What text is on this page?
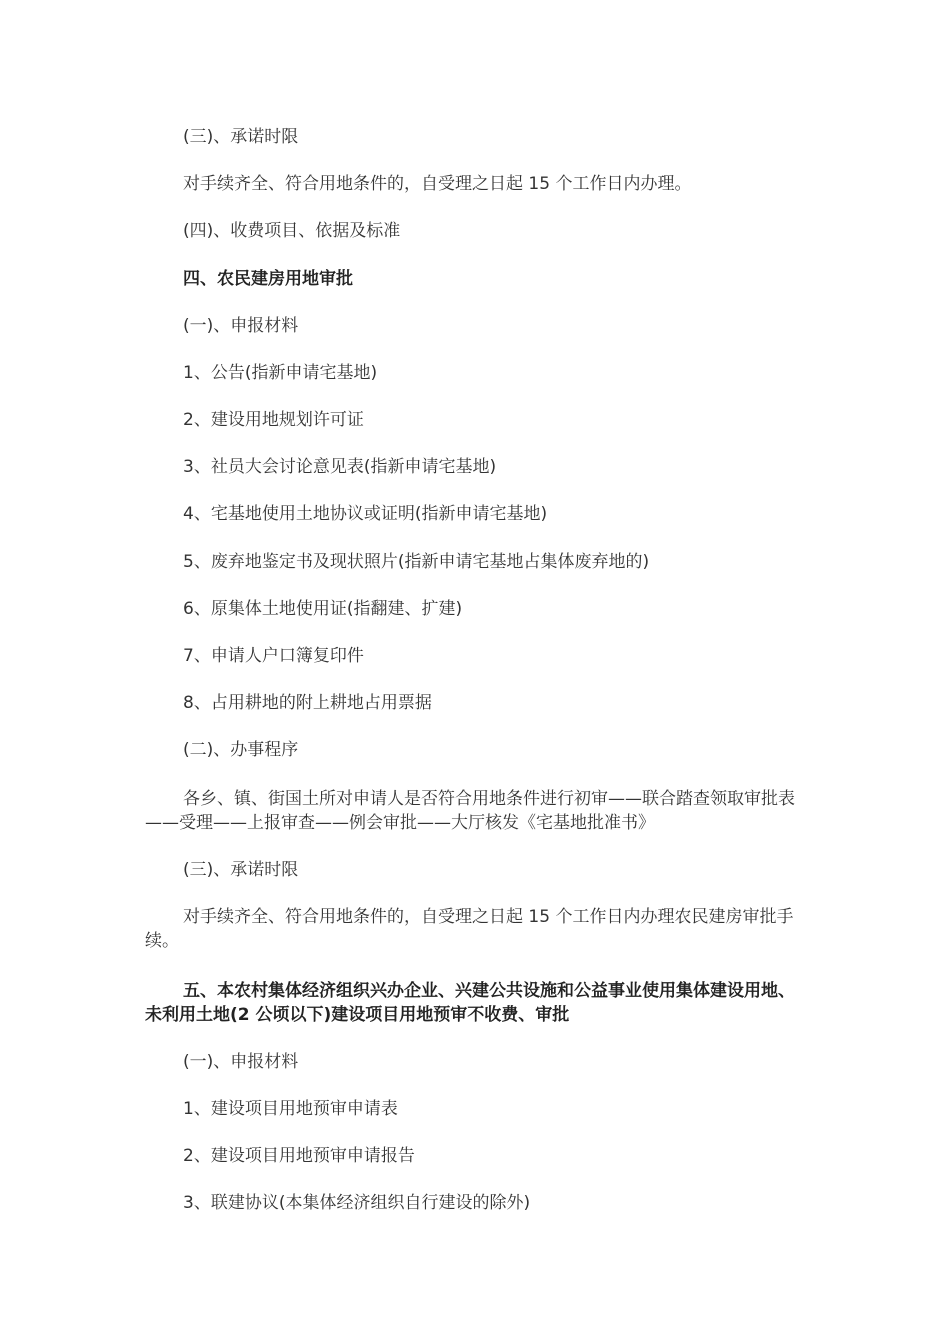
(三)、承诺时限

对手续齐全、符合用地条件的，自受理之日起 15 个工作日内办理。

(四)、收费项目、依据及标准

四、农民建房用地审批

(一)、申报材料

1、公告(指新申请宅基地)

2、建设用地规划许可证

3、社员大会讨论意见表(指新申请宅基地)

4、宅基地使用土地协议或证明(指新申请宅基地)

5、废弃地鉴定书及现状照片(指新申请宅基地占集体废弃地的)

6、原集体土地使用证(指翻建、扩建)

7、申请人户口簿复印件

8、占用耕地的附上耕地占用票据

(二)、办事程序

各乡、镇、街国土所对申请人是否符合用地条件进行初审——联合踏查领取审批表——受理——上报审查——例会审批——大厅核发《宅基地批准书》

(三)、承诺时限

对手续齐全、符合用地条件的，自受理之日起 15 个工作日内办理农民建房审批手续。

五、本农村集体经济组织兴办企业、兴建公共设施和公益事业使用集体建设用地、未利用土地(2 公顷以下)建设项目用地预审不收费、审批

(一)、申报材料

1、建设项目用地预审申请表

2、建设项目用地预审申请报告

3、联建协议(本集体经济组织自行建设的除外)
